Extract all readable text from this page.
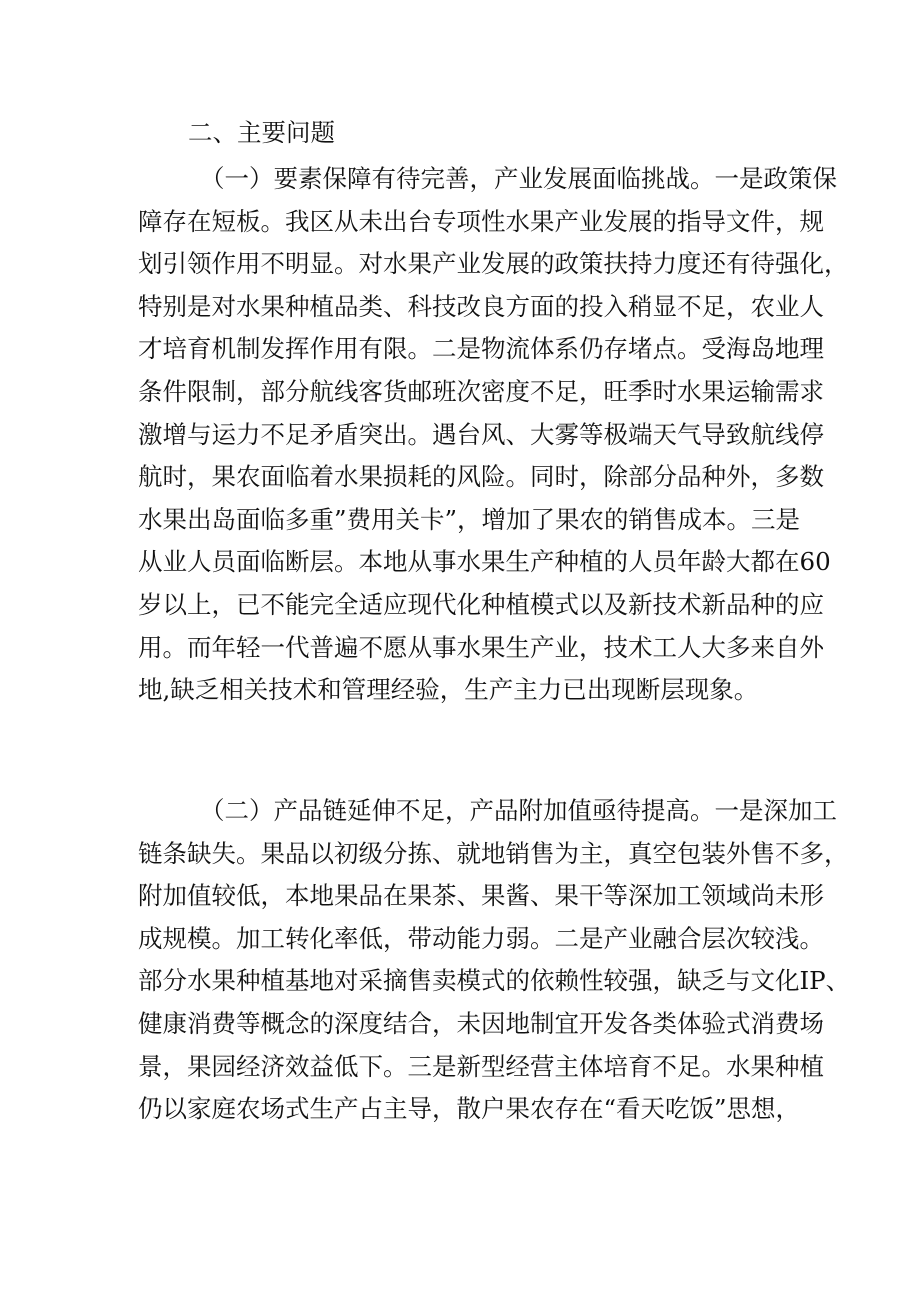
二、主要问题
（一）要素保障有待完善，产业发展面临挑战。一是政策保
障存在短板。我区从未出台专项性水果产业发展的指导文件，规
划引领作用不明显。对水果产业发展的政策扶持力度还有待强化，
特别是对水果种植品类、科技改良方面的投入稍显不足，农业人
才培育机制发挥作用有限。二是物流体系仍存堵点。受海岛地理
条件限制，部分航线客货邮班次密度不足，旺季时水果运输需求
激增与运力不足矛盾突出。遇台风、大雾等极端天气导致航线停
航时，果农面临着水果损耗的风险。同时，除部分品种外，多数
水果出岛面临多重”费用关卡”，增加了果农的销售成本。三是
从业人员面临断层。本地从事水果生产种植的人员年龄大都在60
岁以上，已不能完全适应现代化种植模式以及新技术新品种的应
用。而年轻一代普遍不愿从事水果生产业，技术工人大多来自外
地,缺乏相关技术和管理经验，生产主力已出现断层现象。
（二）产品链延伸不足，产品附加值亟待提高。一是深加工
链条缺失。果品以初级分拣、就地销售为主，真空包装外售不多，
附加值较低，本地果品在果茶、果酱、果干等深加工领域尚未形
成规模。加工转化率低，带动能力弱。二是产业融合层次较浅。
部分水果种植基地对采摘售卖模式的依赖性较强，缺乏与文化IP、
健康消费等概念的深度结合，未因地制宜开发各类体验式消费场
景，果园经济效益低下。三是新型经营主体培育不足。水果种植
仍以家庭农场式生产占主导，散户果农存在“看天吃饭”思想，
